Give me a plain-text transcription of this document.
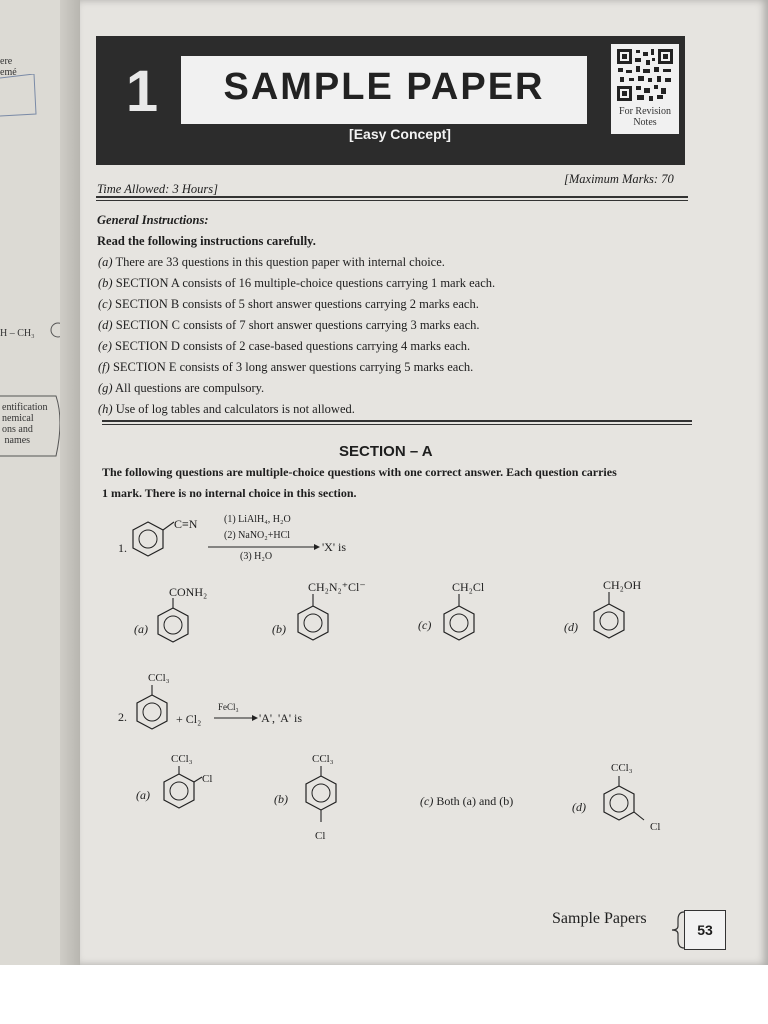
ere
emé
H – CH₃
entification
nemical
ons and
names
1	SAMPLE PAPER
[Easy Concept]
For Revision Notes
Time Allowed: 3 Hours]
[Maximum Marks: 70
General Instructions:
Read the following instructions carefully.
(a) There are 33 questions in this question paper with internal choice.
(b) SECTION A consists of 16 multiple-choice questions carrying 1 mark each.
(c) SECTION B consists of 5 short answer questions carrying 2 marks each.
(d) SECTION C consists of 7 short answer questions carrying 3 marks each.
(e) SECTION D consists of 2 case-based questions carrying 4 marks each.
(f) SECTION E consists of 3 long answer questions carrying 5 marks each.
(g) All questions are compulsory.
(h) Use of log tables and calculators is not allowed.
SECTION – A
The following questions are multiple-choice questions with one correct answer. Each question carries
1 mark. There is no internal choice in this section.
1.
C≡N	(1) LiAlH₄, H₂O
(2) NaNO₂+HCl
'X' is
(3) H₂O
(a)
CONH₂
(b)
CH₂N₂⁺Cl⁻
(c)
CH₂Cl
(d)
CH₂OH
2.
CCl₃
+ Cl₂
FeCl₃
→ 'A', 'A' is
(a)
CCl₃
Cl
(b)
CCl₃
Cl
(c) Both (a) and (b)	(d)
CCl₃
Cl
Sample Papers
53
